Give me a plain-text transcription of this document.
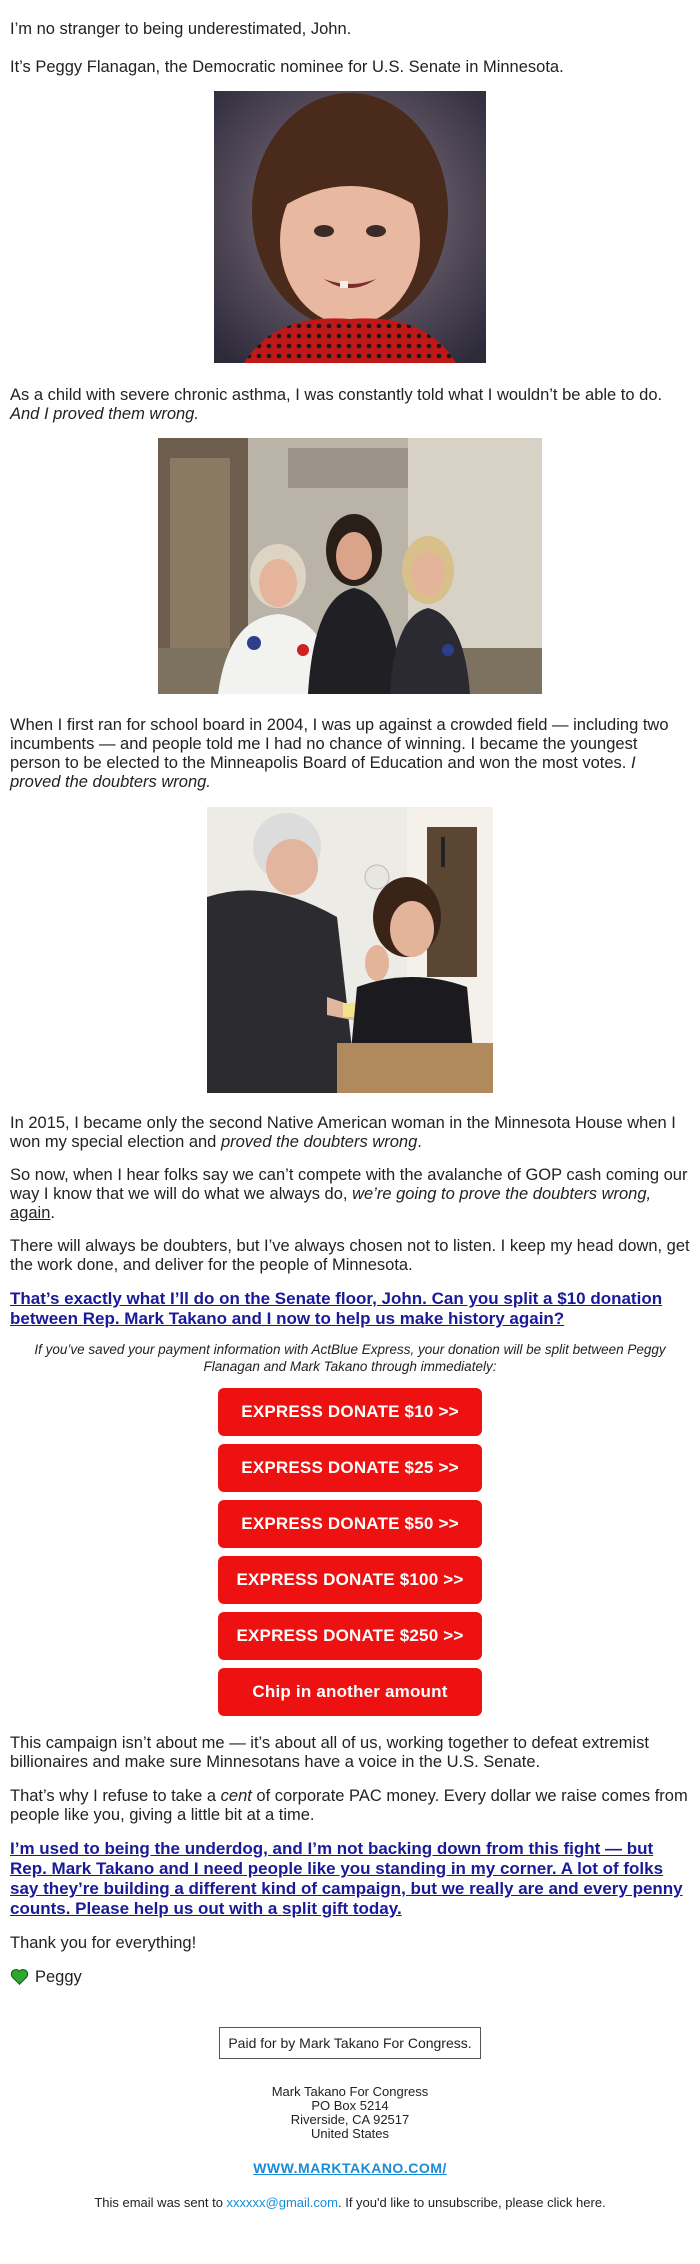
I’m no stranger to being underestimated, John.

It’s Peggy Flanagan, the Democratic nominee for U.S. Senate in Minnesota.

As a child with severe chronic asthma, I was constantly told what I wouldn’t be able to do. And I proved them wrong.

When I first ran for school board in 2004, I was up against a crowded field — including two incumbents — and people told me I had no chance of winning. I became the youngest person to be elected to the Minneapolis Board of Education and won the most votes. I proved the doubters wrong.

In 2015, I became only the second Native American woman in the Minnesota House when I won my special election and proved the doubters wrong.

So now, when I hear folks say we can’t compete with the avalanche of GOP cash coming our way I know that we will do what we always do, we’re going to prove the doubters wrong, again.

There will always be doubters, but I’ve always chosen not to listen. I keep my head down, get the work done, and deliver for the people of Minnesota.

That’s exactly what I’ll do on the Senate floor, John. Can you split a $10 donation between Rep. Mark Takano and I now to help us make history again?

If you’ve saved your payment information with ActBlue Express, your donation will be split between Peggy Flanagan and Mark Takano through immediately:

EXPRESS DONATE $10 >>
EXPRESS DONATE $25 >>
EXPRESS DONATE $50 >>
EXPRESS DONATE $100 >>
EXPRESS DONATE $250 >>
Chip in another amount

This campaign isn’t about me — it’s about all of us, working together to defeat extremist billionaires and make sure Minnesotans have a voice in the U.S. Senate.

That’s why I refuse to take a cent of corporate PAC money. Every dollar we raise comes from people like you, giving a little bit at a time.

I’m used to being the underdog, and I’m not backing down from this fight — but Rep. Mark Takano and I need people like you standing in my corner. A lot of folks say they’re building a different kind of campaign, but we really are and every penny counts. Please help us out with a split gift today.

Thank you for everything!

Peggy

Paid for by Mark Takano For Congress.
Mark Takano For Congress
PO Box 5214
Riverside, CA 92517
United States
WWW.MARKTAKANO.COM/
This email was sent to xxxxxx@gmail.com. If you'd like to unsubscribe, please click here.
